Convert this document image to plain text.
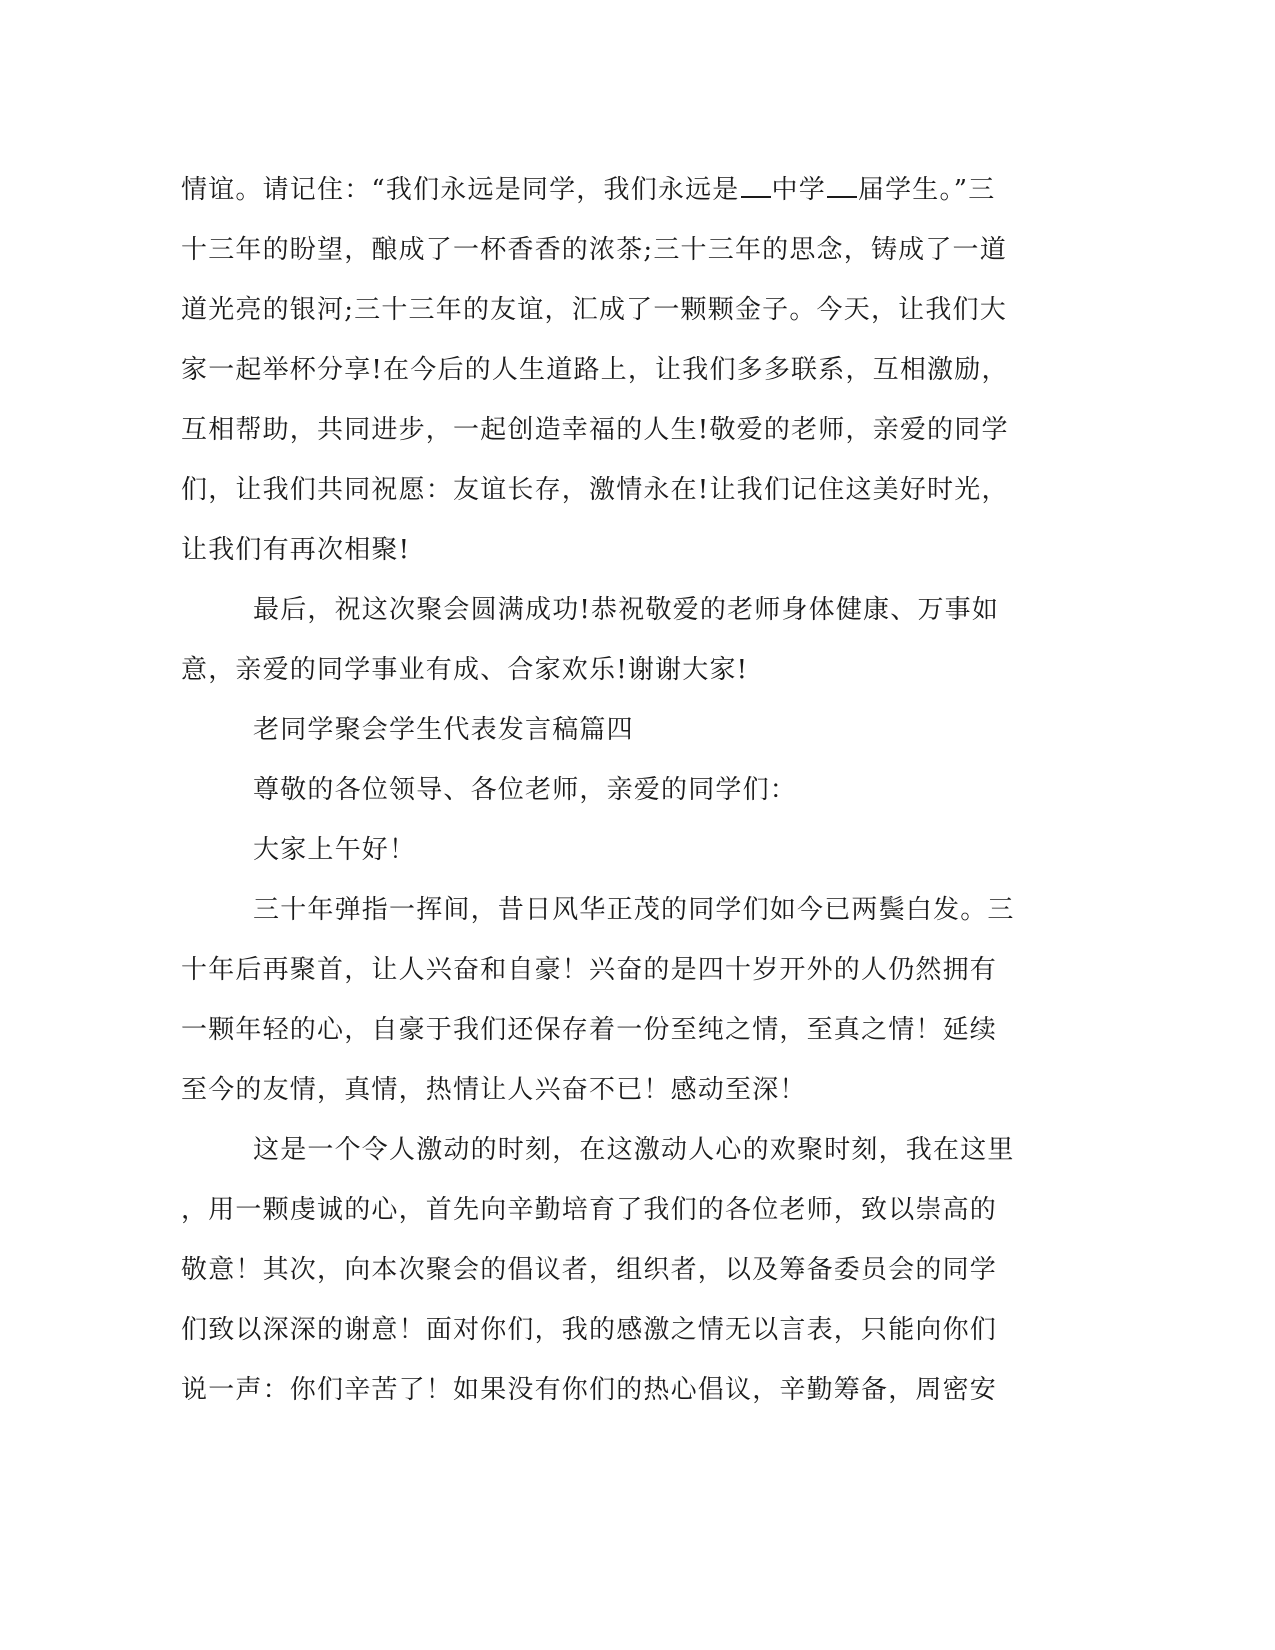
情谊。请记住：“我们永远是同学，我们永远是 中学 届学生。”三
十三年的盼望，酿成了一杯香香的浓茶;三十三年的思念，铸成了一道
道光亮的银河;三十三年的友谊，汇成了一颗颗金子。今天，让我们大
家一起举杯分享!在今后的人生道路上，让我们多多联系，互相激励，
互相帮助，共同进步，一起创造幸福的人生!敬爱的老师，亲爱的同学
们，让我们共同祝愿：友谊长存，激情永在!让我们记住这美好时光，
让我们有再次相聚!
最后，祝这次聚会圆满成功!恭祝敬爱的老师身体健康、万事如
意，亲爱的同学事业有成、合家欢乐!谢谢大家!
老同学聚会学生代表发言稿篇四
尊敬的各位领导、各位老师，亲爱的同学们：
大家上午好！
三十年弹指一挥间，昔日风华正茂的同学们如今已两鬓白发。三
十年后再聚首，让人兴奋和自豪！兴奋的是四十岁开外的人仍然拥有
一颗年轻的心，自豪于我们还保存着一份至纯之情，至真之情！延续
至今的友情，真情，热情让人兴奋不已！感动至深！
这是一个令人激动的时刻，在这激动人心的欢聚时刻，我在这里
，用一颗虔诚的心，首先向辛勤培育了我们的各位老师，致以崇高的
敬意！其次，向本次聚会的倡议者，组织者，以及筹备委员会的同学
们致以深深的谢意！面对你们，我的感激之情无以言表，只能向你们
说一声：你们辛苦了！如果没有你们的热心倡议，辛勤筹备，周密安
